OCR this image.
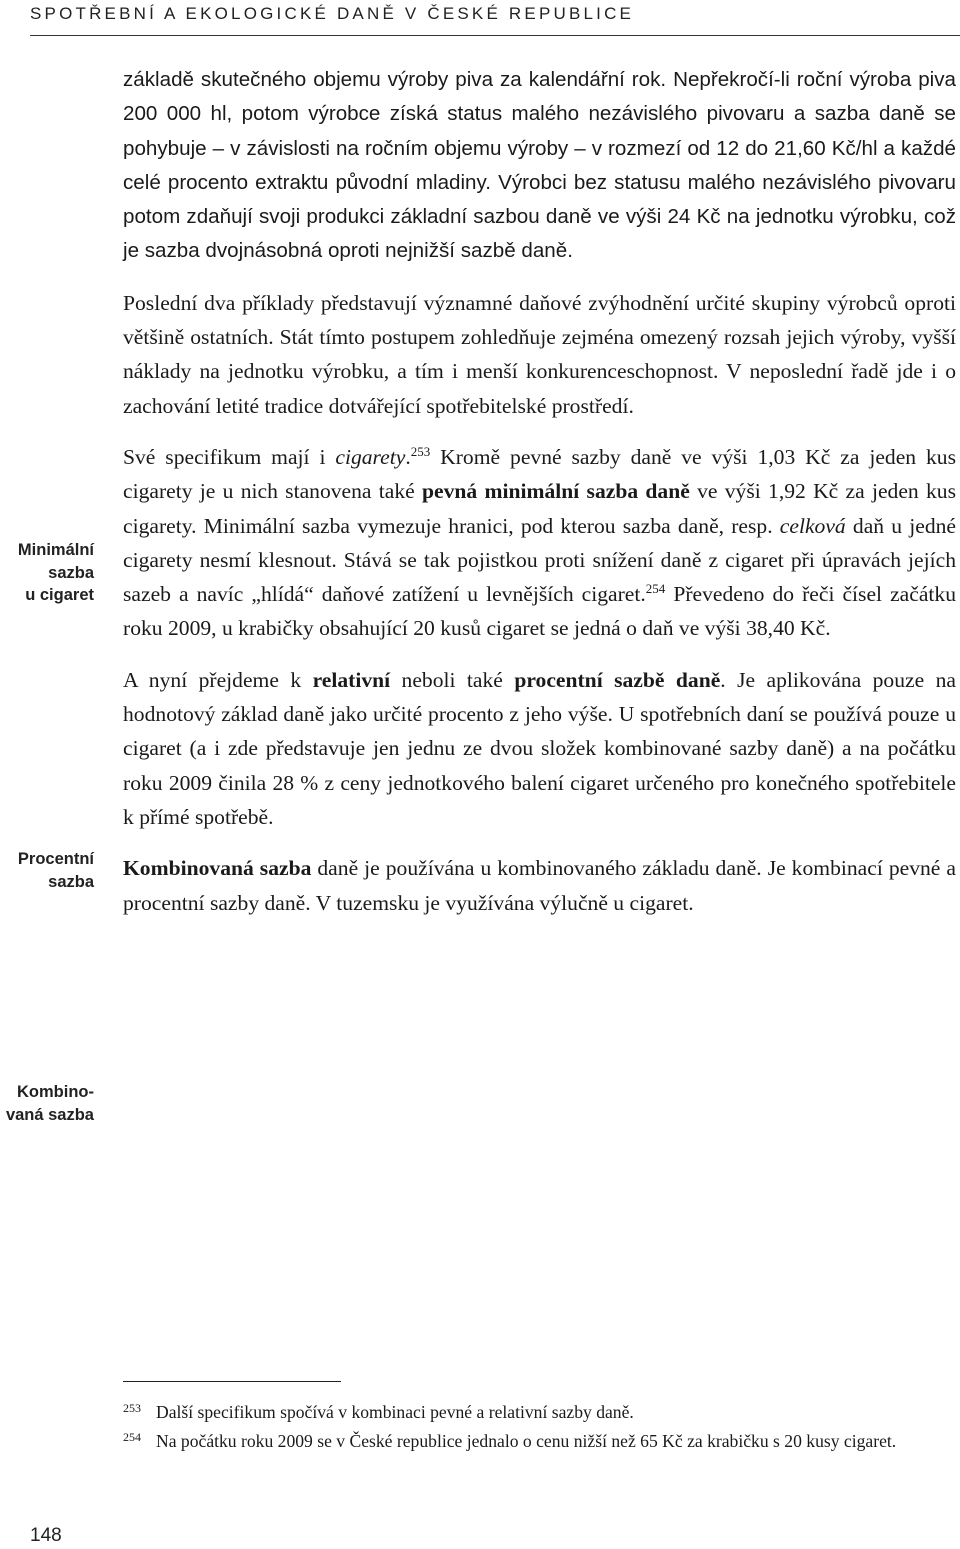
SPOTŘEBNÍ A EKOLOGICKÉ DANĚ V ČESKÉ REPUBLICE

základě skutečného objemu výroby piva za kalendářní rok. Nepřekročí-li roční výroba piva 200 000 hl, potom výrobce získá status malého nezávislého pivovaru a sazba daně se pohybuje – v závislosti na ročním objemu výroby – v rozmezí od 12 do 21,60 Kč/hl a každé celé procento extraktu původní mladiny. Výrobci bez statusu malého nezávislého pivovaru potom zdaňují svoji produkci základní sazbou daně ve výši 24 Kč na jednotku výrobku, což je sazba dvojnásobná oproti nejnižší sazbě daně.

Poslední dva příklady představují významné daňové zvýhodnění určité skupiny výrobců oproti většině ostatních. Stát tímto postupem zohledňuje zejména omezený rozsah jejich výroby, vyšší náklady na jednotku výrobku, a tím i menší konkurenceschopnost. V neposlední řadě jde i o zachování letité tradice dotvářející spotřebitelské prostředí.

Své specifikum mají i cigarety.$^{253}$ Kromě pevné sazby daně ve výši 1,03 Kč za jeden kus cigarety je u nich stanovena také pevná minimální sazba daně ve výši 1,92 Kč za jeden kus cigarety. Minimální sazba vymezuje hranici, pod kterou sazba daně, resp. celková daň u jedné cigarety nesmí klesnout. Stává se tak pojistkou proti snížení daně z cigaret při úpravách jejích sazeb a navíc „hlídá“ daňové zatížení u levnějších cigaret.$^{254}$ Převedeno do řeči čísel začátku roku 2009, u krabičky obsahující 20 kusů cigaret se jedná o daň ve výši 38,40 Kč.

A nyní přejdeme k relativní neboli také procentní sazbě daně. Je aplikována pouze na hodnotový základ daně jako určité procento z jeho výše. U spotřebních daní se používá pouze u cigaret (a i zde představuje jen jednu ze dvou složek kombinované sazby daně) a na počátku roku 2009 činila 28 % z ceny jednotkového balení cigaret určeného pro konečného spotřebitele k přímé spotřebě.

Kombinovaná sazba daně je používána u kombinovaného základu daně. Je kombinací pevné a procentní sazby daně. V tuzemsku je využívána výlučně u cigaret.

Minimální
sazba
u cigaret
Procentní
sazba
Kombino-
vaná sazba
253 Další specifikum spočívá v kombinaci pevné a relativní sazby daně.
254 Na počátku roku 2009 se v České republice jednalo o cenu nižší než 65 Kč za krabičku s 20 kusy cigaret.
148
